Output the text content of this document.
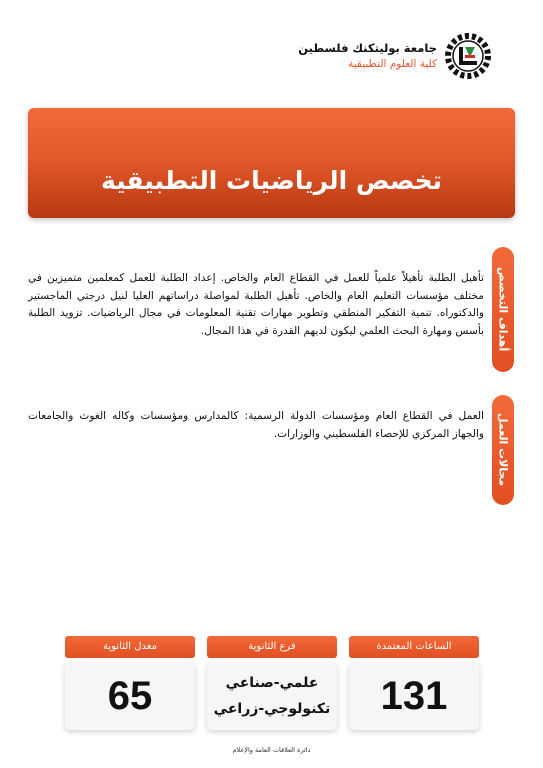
جامعة بوليتكنك فلسطين
كلية العلوم التطبيقية
تخصص الرياضيات التطبيقية
أهداف التخصص
تأهيل الطلبة تأهيلاً علمياً للعمل في القطاع العام والخاص. إعداد الطلبة للعمل كمعلمين متميزين في مختلف مؤسسات التعليم العام والخاص. تأهيل الطلبة لمواصلة دراساتهم العليا لنيل درجتي الماجستير والدكتوراه. تنمية التفكير المنطقي وتطوير مهارات تقنية المعلومات في مجال الرياضيات. تزويد الطلبة بأسس ومهارة البحث العلمي ليكون لديهم القدرة في هذا المجال.
مجالات العمل
العمل في القطاع العام ومؤسسات الدولة الرسمية: كالمدارس ومؤسسات وكاله الغوث والجامعات والجهاز المركزي للإحصاء الفلسطيني والوزارات.
الساعات المعتمدة
131
فرع الثانوية
علمي-صناعي
تكنولوجي-زراعي
معدل الثانوية
65
دائرة العلاقات العامة والإعلام
